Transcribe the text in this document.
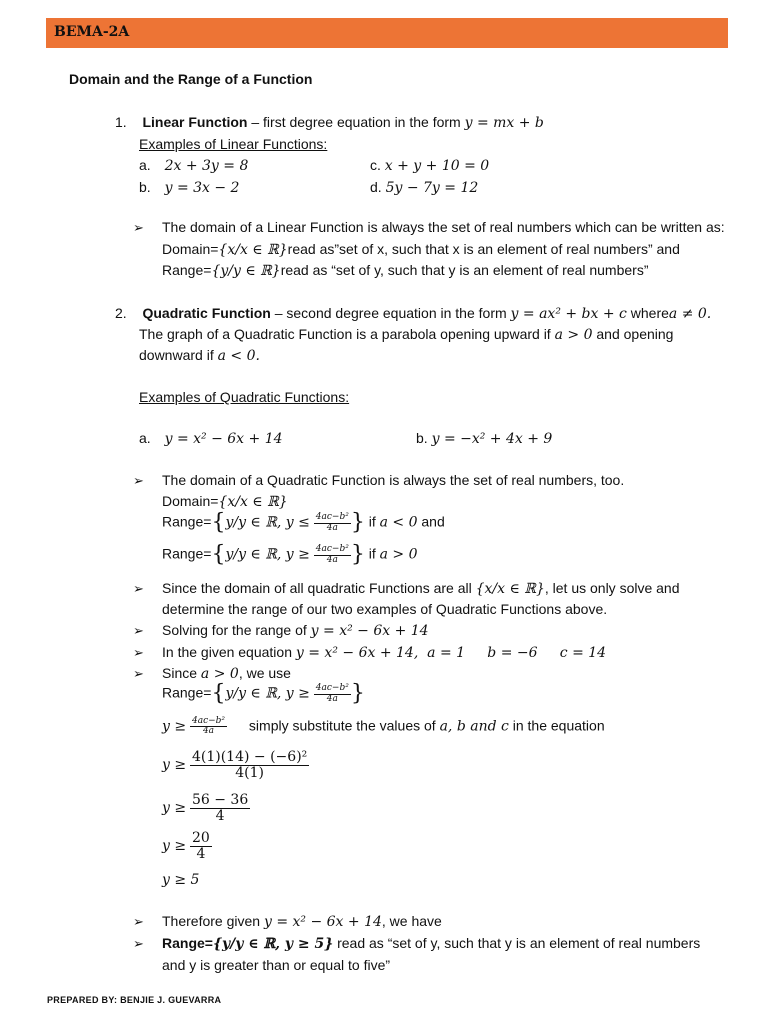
BEMA-2A
Domain and the Range of a Function
1. Linear Function – first degree equation in the form y = mx + b
Examples of Linear Functions:
a. 2x + 3y = 8	c. x + y + 10 = 0
b. y = 3x − 2	d. 5y − 7y = 12
➢ The domain of a Linear Function is always the set of real numbers which can be written as:
Domain={x/x ∈ ℝ}read as”set of x, such that x is an element of real numbers” and
Range={y/y ∈ ℝ}read as “set of y, such that y is an element of real numbers”
2. Quadratic Function – second degree equation in the form y = ax² + bx + c wherea ≠ 0.
The graph of a Quadratic Function is a parabola opening upward if a > 0 and opening
downward if a < 0.
Examples of Quadratic Functions:
a. y = x² − 6x + 14	b. y = −x² + 4x + 9
➢ The domain of a Quadratic Function is always the set of real numbers, too.
Domain={x/x ∈ ℝ}
Range={y/y ∈ ℝ, $y \le \frac{\text{4ac−b²}}{4a}$ } if a < 0 and
Range={y/y ∈ ℝ, $y \ge \frac{\text{4ac−b²}}{4a}$ } if a > 0
➢ Since the domain of all quadratic Functions are all {x/x ∈ ℝ}, let us only solve and
determine the range of our two examples of Quadratic Functions above.
➢ Solving for the range of y = x² − 6x + 14
➢ In the given equation y = x² − 6x + 14,  a = 1     b = −6     c = 14
➢ Since a > 0, we use
Range={y/y ∈ ℝ, $y \ge \frac{\text{4ac−b²}}{4a}$ }
$y \ge \frac{\text{4ac−b²}}{4a}$ simply substitute the values of a, b and c in the equation
$y \ge \frac{\text{4(1)(14) − (−6)²}}{4(1)}$
$y \ge \frac{56 - 36}{4}$
$y \ge \frac{20}{4}$
y ≥ 5
➢ Therefore given y = x² − 6x + 14, we have
➢ Range={y/y ∈ ℝ, y ≥ 5} read as “set of y, such that y is an element of real numbers
and y is greater than or equal to five”
PREPARED BY: BENJIE J. GUEVARRA
